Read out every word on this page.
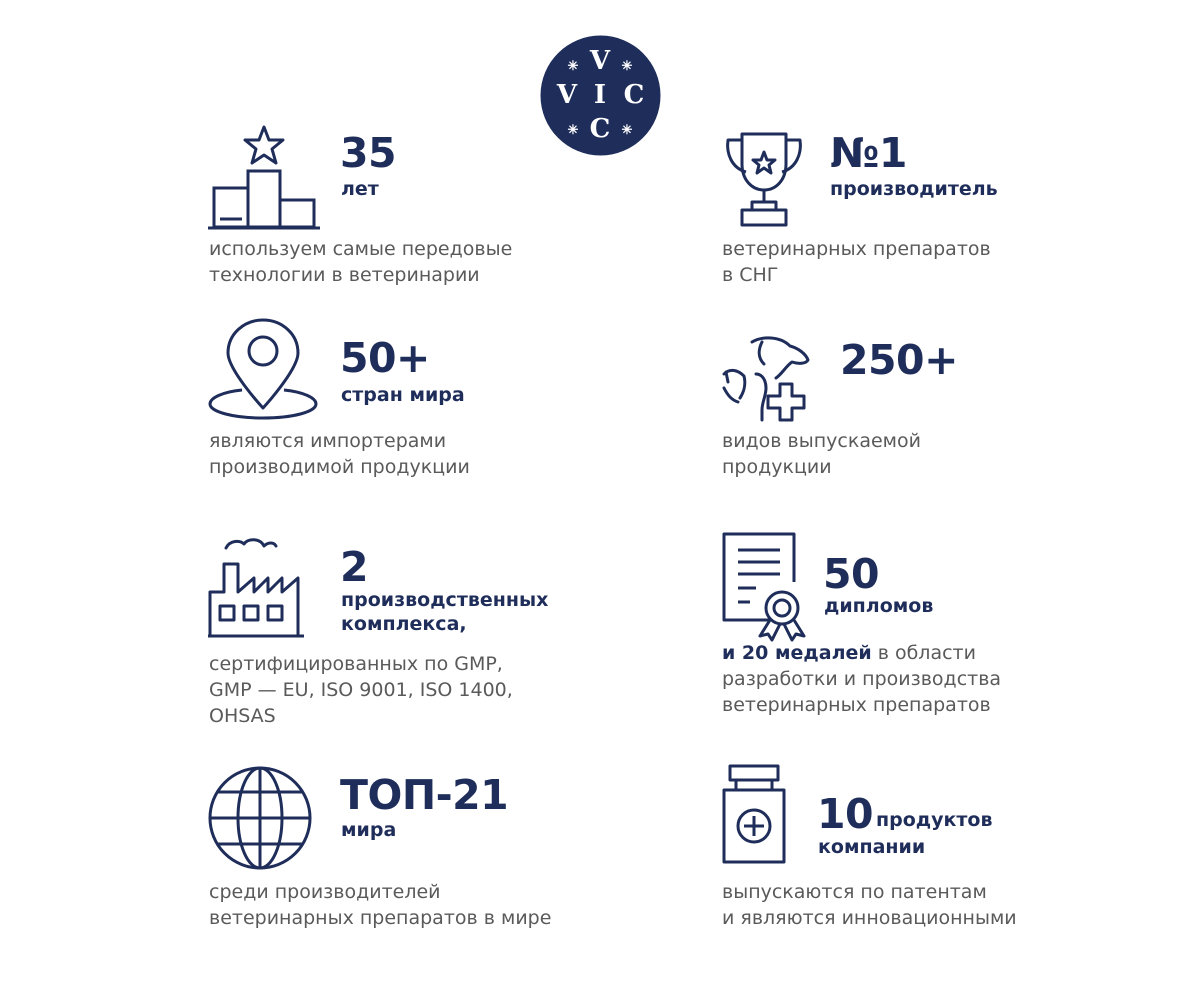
V
V I C
C
✳	✳
✳	✳
35
лет
используем самые передовые
технологии в ветеринарии
№1
производитель
ветеринарных препаратов
в СНГ
50+
стран мира
являются импортерами
производимой продукции
250+
видов выпускаемой
продукции
2
производственных
комплекса,
сертифицированных по GMP,
GMP — EU, ISO 9001, ISO 1400,
OHSAS
50
дипломов
и 20 медалей в области
разработки и производства
ветеринарных препаратов
ТОП-21
мира
среди производителей
ветеринарных препаратов в мире
10 продуктов
компании
выпускаются по патентам
и являются инновационными
